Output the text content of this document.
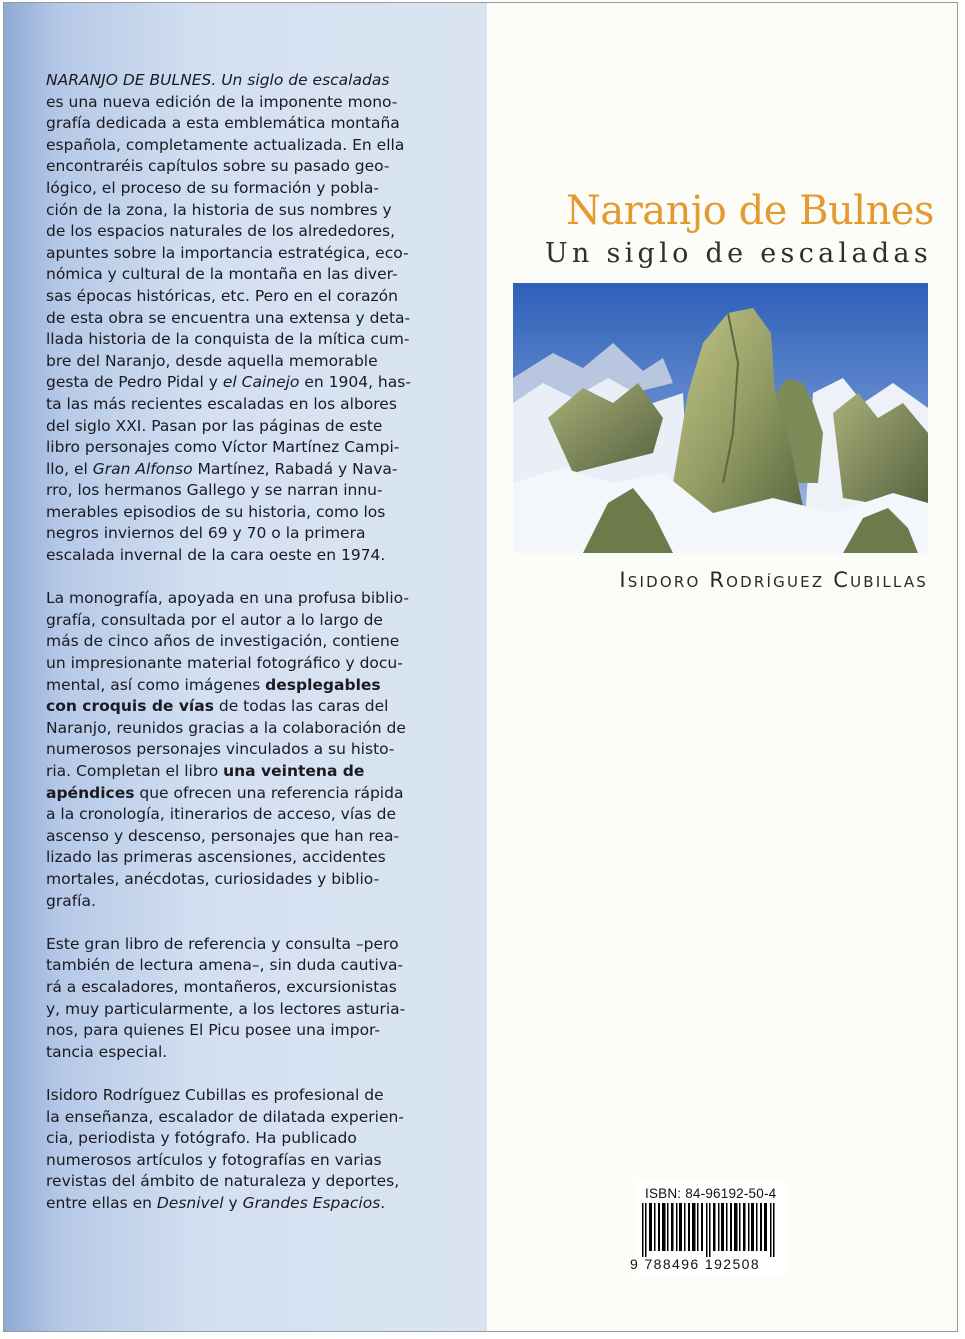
NARANJO DE BULNES. Un siglo de escaladas
es una nueva edición de la imponente mono-
grafía dedicada a esta emblemática montaña
española, completamente actualizada. En ella
encontraréis capítulos sobre su pasado geo-
lógico, el proceso de su formación y pobla-
ción de la zona, la historia de sus nombres y
de los espacios naturales de los alrededores,
apuntes sobre la importancia estratégica, eco-
nómica y cultural de la montaña en las diver-
sas épocas históricas, etc. Pero en el corazón
de esta obra se encuentra una extensa y deta-
llada historia de la conquista de la mítica cum-
bre del Naranjo, desde aquella memorable
gesta de Pedro Pidal y el Cainejo en 1904, has-
ta las más recientes escaladas en los albores
del siglo XXI. Pasan por las páginas de este
libro personajes como Víctor Martínez Campi-
llo, el Gran Alfonso Martínez, Rabadá y Nava-
rro, los hermanos Gallego y se narran innu-
merables episodios de su historia, como los
negros inviernos del 69 y 70 o la primera
escalada invernal de la cara oeste en 1974.

La monografía, apoyada en una profusa biblio-
grafía, consultada por el autor a lo largo de
más de cinco años de investigación, contiene
un impresionante material fotográfico y docu-
mental, así como imágenes desplegables
con croquis de vías de todas las caras del
Naranjo, reunidos gracias a la colaboración de
numerosos personajes vinculados a su histo-
ria. Completan el libro una veintena de
apéndices que ofrecen una referencia rápida
a la cronología, itinerarios de acceso, vías de
ascenso y descenso, personajes que han rea-
lizado las primeras ascensiones, accidentes
mortales, anécdotas, curiosidades y biblio-
grafía.

Este gran libro de referencia y consulta –pero
también de lectura amena–, sin duda cautiva-
rá a escaladores, montañeros, excursionistas
y, muy particularmente, a los lectores asturia-
nos, para quienes El Picu posee una impor-
tancia especial.

Isidoro Rodríguez Cubillas es profesional de
la enseñanza, escalador de dilatada experien-
cia, periodista y fotógrafo. Ha publicado
numerosos artículos y fotografías en varias
revistas del ámbito de naturaleza y deportes,
entre ellas en Desnivel y Grandes Espacios.

Naranjo de Bulnes
Un siglo de escaladas
Isidoro Rodríguez Cubillas
ISBN: 84-96192-50-4
9 788496 192508
